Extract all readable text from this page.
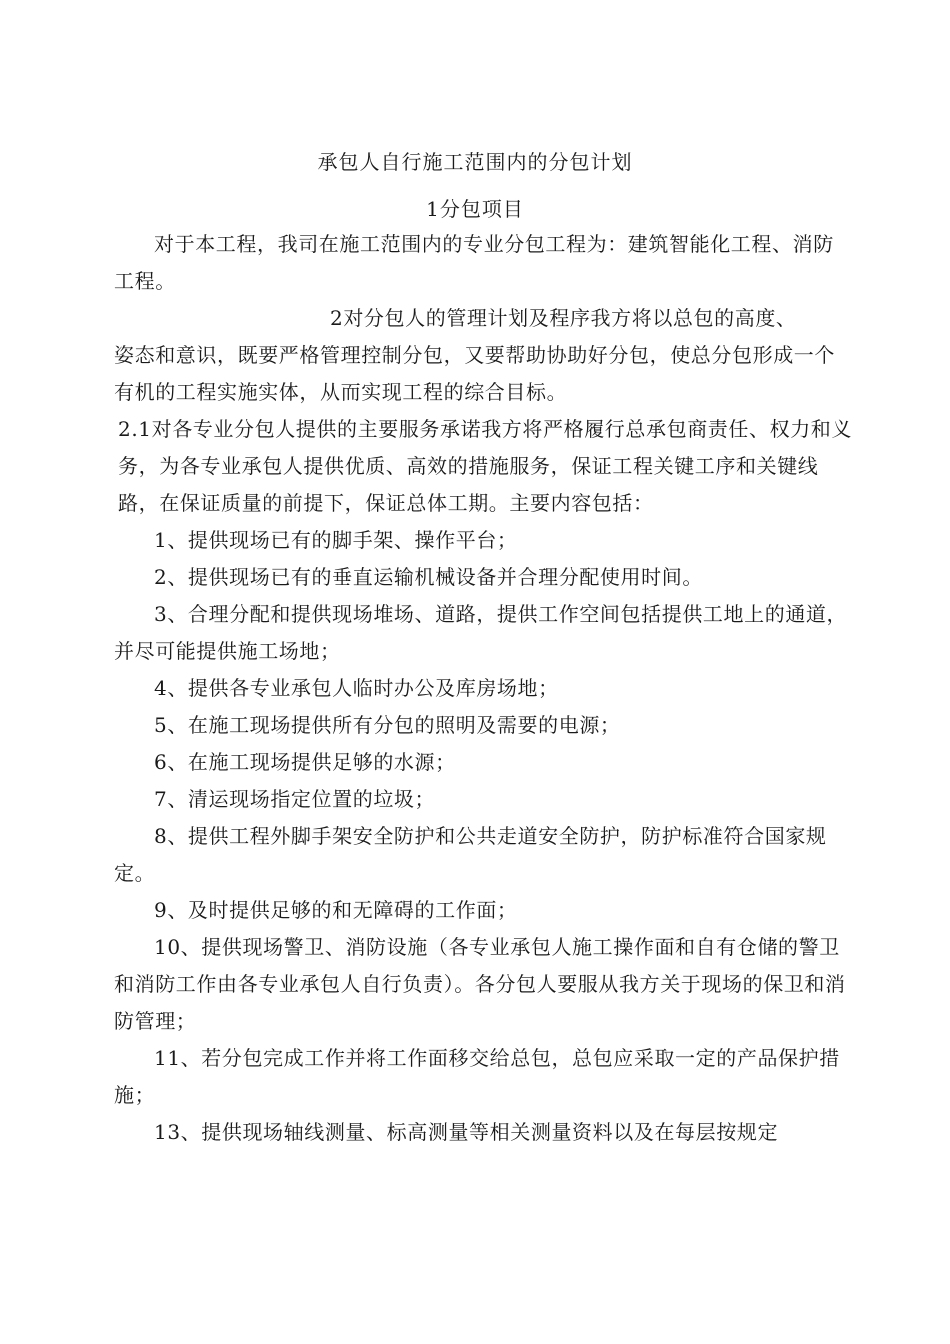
承包人自行施工范围内的分包计划
1分包项目

对于本工程，我司在施工范围内的专业分包工程为：建筑智能化工程、消防工程。

2对分包人的管理计划及程序我方将以总包的高度、

姿态和意识，既要严格管理控制分包，又要帮助协助好分包，使总分包形成一个有机的工程实施实体，从而实现工程的综合目标。

2.1对各专业分包人提供的主要服务承诺我方将严格履行总承包商责任、权力和义务，为各专业承包人提供优质、高效的措施服务，保证工程关键工序和关键线路，在保证质量的前提下，保证总体工期。主要内容包括：

1、提供现场已有的脚手架、操作平台；

2、提供现场已有的垂直运输机械设备并合理分配使用时间。

3、合理分配和提供现场堆场、道路，提供工作空间包括提供工地上的通道，并尽可能提供施工场地；

4、提供各专业承包人临时办公及库房场地；

5、在施工现场提供所有分包的照明及需要的电源；

6、在施工现场提供足够的水源；

7、清运现场指定位置的垃圾；

8、提供工程外脚手架安全防护和公共走道安全防护，防护标准符合国家规定。

9、及时提供足够的和无障碍的工作面；

10、提供现场警卫、消防设施（各专业承包人施工操作面和自有仓储的警卫和消防工作由各专业承包人自行负责）。各分包人要服从我方关于现场的保卫和消防管理；

11、若分包完成工作并将工作面移交给总包，总包应采取一定的产品保护措施；

13、提供现场轴线测量、标高测量等相关测量资料以及在每层按规定
